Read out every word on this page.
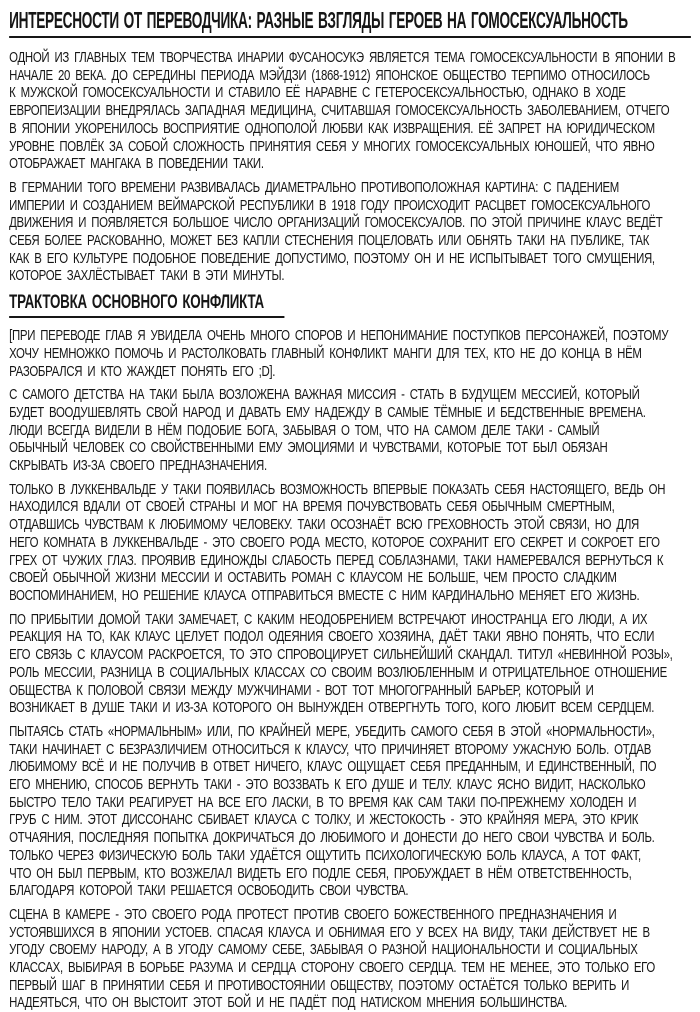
ИНТЕРЕСНОСТИ ОТ ПЕРЕВОДЧИКА: РАЗНЫЕ ВЗГЛЯДЫ ГЕРОЕВ НА ГОМОСЕКСУАЛЬНОСТЬ
ОДНОЙ ИЗ ГЛАВНЫХ ТЕМ ТВОРЧЕСТВА ИНАРИИ ФУСАНОСУКЭ ЯВЛЯЕТСЯ ТЕМА ГОМОСЕКСУАЛЬНОСТИ В ЯПОНИИ В
НАЧАЛЕ 20 ВЕКА. ДО СЕРЕДИНЫ ПЕРИОДА МЭЙДЗИ (1868-1912) ЯПОНСКОЕ ОБЩЕСТВО ТЕРПИМО ОТНОСИЛОСЬ
К МУЖСКОЙ ГОМОСЕКСУАЛЬНОСТИ И СТАВИЛО ЕЁ НАРАВНЕ С ГЕТЕРОСЕКСУАЛЬНОСТЬЮ, ОДНАКО В ХОДЕ
ЕВРОПЕИЗАЦИИ ВНЕДРЯЛАСЬ ЗАПАДНАЯ МЕДИЦИНА, СЧИТАВШАЯ ГОМОСЕКСУАЛЬНОСТЬ ЗАБОЛЕВАНИЕМ, ОТЧЕГО
В ЯПОНИИ УКОРЕНИЛОСЬ ВОСПРИЯТИЕ ОДНОПОЛОЙ ЛЮБВИ КАК ИЗВРАЩЕНИЯ. ЕЁ ЗАПРЕТ НА ЮРИДИЧЕСКОМ
УРОВНЕ ПОВЛЁК ЗА СОБОЙ СЛОЖНОСТЬ ПРИНЯТИЯ СЕБЯ У МНОГИХ ГОМОСЕКСУАЛЬНЫХ ЮНОШЕЙ, ЧТО ЯВНО
ОТОБРАЖАЕТ МАНГАКА В ПОВЕДЕНИИ ТАКИ.
В ГЕРМАНИИ ТОГО ВРЕМЕНИ РАЗВИВАЛАСЬ ДИАМЕТРАЛЬНО ПРОТИВОПОЛОЖНАЯ КАРТИНА: С ПАДЕНИЕМ
ИМПЕРИИ И СОЗДАНИЕМ ВЕЙМАРСКОЙ РЕСПУБЛИКИ В 1918 ГОДУ ПРОИСХОДИТ РАСЦВЕТ ГОМОСЕКСУАЛЬНОГО
ДВИЖЕНИЯ И ПОЯВЛЯЕТСЯ БОЛЬШОЕ ЧИСЛО ОРГАНИЗАЦИЙ ГОМОСЕКСУАЛОВ. ПО ЭТОЙ ПРИЧИНЕ КЛАУС ВЕДЁТ
СЕБЯ БОЛЕЕ РАСКОВАННО, МОЖЕТ БЕЗ КАПЛИ СТЕСНЕНИЯ ПОЦЕЛОВАТЬ ИЛИ ОБНЯТЬ ТАКИ НА ПУБЛИКЕ, ТАК
КАК В ЕГО КУЛЬТУРЕ ПОДОБНОЕ ПОВЕДЕНИЕ ДОПУСТИМО, ПОЭТОМУ ОН И НЕ ИСПЫТЫВАЕТ ТОГО СМУЩЕНИЯ,
КОТОРОЕ ЗАХЛЁСТЫВАЕТ ТАКИ В ЭТИ МИНУТЫ.
ТРАКТОВКА ОСНОВНОГО КОНФЛИКТА
[ПРИ ПЕРЕВОДЕ ГЛАВ Я УВИДЕЛА ОЧЕНЬ МНОГО СПОРОВ И НЕПОНИМАНИЕ ПОСТУПКОВ ПЕРСОНАЖЕЙ, ПОЭТОМУ
ХОЧУ НЕМНОЖКО ПОМОЧЬ И РАСТОЛКОВАТЬ ГЛАВНЫЙ КОНФЛИКТ МАНГИ ДЛЯ ТЕХ, КТО НЕ ДО КОНЦА В НЁМ
РАЗОБРАЛСЯ И КТО ЖАЖДЕТ ПОНЯТЬ ЕГО ;D].
С САМОГО ДЕТСТВА НА ТАКИ БЫЛА ВОЗЛОЖЕНА ВАЖНАЯ МИССИЯ - СТАТЬ В БУДУЩЕМ МЕССИЕЙ, КОТОРЫЙ
БУДЕТ ВООДУШЕВЛЯТЬ СВОЙ НАРОД И ДАВАТЬ ЕМУ НАДЕЖДУ В САМЫЕ ТЁМНЫЕ И БЕДСТВЕННЫЕ ВРЕМЕНА.
ЛЮДИ ВСЕГДА ВИДЕЛИ В НЁМ ПОДОБИЕ БОГА, ЗАБЫВАЯ О ТОМ, ЧТО НА САМОМ ДЕЛЕ ТАКИ - САМЫЙ
ОБЫЧНЫЙ ЧЕЛОВЕК СО СВОЙСТВЕННЫМИ ЕМУ ЭМОЦИЯМИ И ЧУВСТВАМИ, КОТОРЫЕ ТОТ БЫЛ ОБЯЗАН
СКРЫВАТЬ ИЗ-ЗА СВОЕГО ПРЕДНАЗНАЧЕНИЯ.
ТОЛЬКО В ЛУККЕНВАЛЬДЕ У ТАКИ ПОЯВИЛАСЬ ВОЗМОЖНОСТЬ ВПЕРВЫЕ ПОКАЗАТЬ СЕБЯ НАСТОЯЩЕГО, ВЕДЬ ОН
НАХОДИЛСЯ ВДАЛИ ОТ СВОЕЙ СТРАНЫ И МОГ НА ВРЕМЯ ПОЧУВСТВОВАТЬ СЕБЯ ОБЫЧНЫМ СМЕРТНЫМ,
ОТДАВШИСЬ ЧУВСТВАМ К ЛЮБИМОМУ ЧЕЛОВЕКУ. ТАКИ ОСОЗНАЁТ ВСЮ ГРЕХОВНОСТЬ ЭТОЙ СВЯЗИ, НО ДЛЯ
НЕГО КОМНАТА В ЛУККЕНВАЛЬДЕ - ЭТО СВОЕГО РОДА МЕСТО, КОТОРОЕ СОХРАНИТ ЕГО СЕКРЕТ И СОКРОЕТ ЕГО
ГРЕХ ОТ ЧУЖИХ ГЛАЗ. ПРОЯВИВ ЕДИНОЖДЫ СЛАБОСТЬ ПЕРЕД СОБЛАЗНАМИ, ТАКИ НАМЕРЕВАЛСЯ ВЕРНУТЬСЯ К
СВОЕЙ ОБЫЧНОЙ ЖИЗНИ МЕССИИ И ОСТАВИТЬ РОМАН С КЛАУСОМ НЕ БОЛЬШЕ, ЧЕМ ПРОСТО СЛАДКИМ
ВОСПОМИНАНИЕМ, НО РЕШЕНИЕ КЛАУСА ОТПРАВИТЬСЯ ВМЕСТЕ С НИМ КАРДИНАЛЬНО МЕНЯЕТ ЕГО ЖИЗНЬ.
ПО ПРИБЫТИИ ДОМОЙ ТАКИ ЗАМЕЧАЕТ, С КАКИМ НЕОДОБРЕНИЕМ ВСТРЕЧАЮТ ИНОСТРАНЦА ЕГО ЛЮДИ, А ИХ
РЕАКЦИЯ НА ТО, КАК КЛАУС ЦЕЛУЕТ ПОДОЛ ОДЕЯНИЯ СВОЕГО ХОЗЯИНА, ДАЁТ ТАКИ ЯВНО ПОНЯТЬ, ЧТО ЕСЛИ
ЕГО СВЯЗЬ С КЛАУСОМ РАСКРОЕТСЯ, ТО ЭТО СПРОВОЦИРУЕТ СИЛЬНЕЙШИЙ СКАНДАЛ. ТИТУЛ «НЕВИННОЙ РОЗЫ»,
РОЛЬ МЕССИИ, РАЗНИЦА В СОЦИАЛЬНЫХ КЛАССАХ СО СВОИМ ВОЗЛЮБЛЕННЫМ И ОТРИЦАТЕЛЬНОЕ ОТНОШЕНИЕ
ОБЩЕСТВА К ПОЛОВОЙ СВЯЗИ МЕЖДУ МУЖЧИНАМИ - ВОТ ТОТ МНОГОГРАННЫЙ БАРЬЕР, КОТОРЫЙ И
ВОЗНИКАЕТ В ДУШЕ ТАКИ И ИЗ-ЗА КОТОРОГО ОН ВЫНУЖДЕН ОТВЕРГНУТЬ ТОГО, КОГО ЛЮБИТ ВСЕМ СЕРДЦЕМ.
ПЫТАЯСЬ СТАТЬ «НОРМАЛЬНЫМ» ИЛИ, ПО КРАЙНЕЙ МЕРЕ, УБЕДИТЬ САМОГО СЕБЯ В ЭТОЙ «НОРМАЛЬНОСТИ»,
ТАКИ НАЧИНАЕТ С БЕЗРАЗЛИЧИЕМ ОТНОСИТЬСЯ К КЛАУСУ, ЧТО ПРИЧИНЯЕТ ВТОРОМУ УЖАСНУЮ БОЛЬ. ОТДАВ
ЛЮБИМОМУ ВСЁ И НЕ ПОЛУЧИВ В ОТВЕТ НИЧЕГО, КЛАУС ОЩУЩАЕТ СЕБЯ ПРЕДАННЫМ, И ЕДИНСТВЕННЫЙ, ПО
ЕГО МНЕНИЮ, СПОСОБ ВЕРНУТЬ ТАКИ - ЭТО ВОЗЗВАТЬ К ЕГО ДУШЕ И ТЕЛУ. КЛАУС ЯСНО ВИДИТ, НАСКОЛЬКО
БЫСТРО ТЕЛО ТАКИ РЕАГИРУЕТ НА ВСЕ ЕГО ЛАСКИ, В ТО ВРЕМЯ КАК САМ ТАКИ ПО-ПРЕЖНЕМУ ХОЛОДЕН И
ГРУБ С НИМ. ЭТОТ ДИССОНАНС СБИВАЕТ КЛАУСА С ТОЛКУ, И ЖЕСТОКОСТЬ - ЭТО КРАЙНЯЯ МЕРА, ЭТО КРИК
ОТЧАЯНИЯ, ПОСЛЕДНЯЯ ПОПЫТКА ДОКРИЧАТЬСЯ ДО ЛЮБИМОГО И ДОНЕСТИ ДО НЕГО СВОИ ЧУВСТВА И БОЛЬ.
ТОЛЬКО ЧЕРЕЗ ФИЗИЧЕСКУЮ БОЛЬ ТАКИ УДАЁТСЯ ОЩУТИТЬ ПСИХОЛОГИЧЕСКУЮ БОЛЬ КЛАУСА, А ТОТ ФАКТ,
ЧТО ОН БЫЛ ПЕРВЫМ, КТО ВОЗЖЕЛАЛ ВИДЕТЬ ЕГО ПОДЛЕ СЕБЯ, ПРОБУЖДАЕТ В НЁМ ОТВЕТСТВЕННОСТЬ,
БЛАГОДАРЯ КОТОРОЙ ТАКИ РЕШАЕТСЯ ОСВОБОДИТЬ СВОИ ЧУВСТВА.
СЦЕНА В КАМЕРЕ - ЭТО СВОЕГО РОДА ПРОТЕСТ ПРОТИВ СВОЕГО БОЖЕСТВЕННОГО ПРЕДНАЗНАЧЕНИЯ И
УСТОЯВШИХСЯ В ЯПОНИИ УСТОЕВ. СПАСАЯ КЛАУСА И ОБНИМАЯ ЕГО У ВСЕХ НА ВИДУ, ТАКИ ДЕЙСТВУЕТ НЕ В
УГОДУ СВОЕМУ НАРОДУ, А В УГОДУ САМОМУ СЕБЕ, ЗАБЫВАЯ О РАЗНОЙ НАЦИОНАЛЬНОСТИ И СОЦИАЛЬНЫХ
КЛАССАХ, ВЫБИРАЯ В БОРЬБЕ РАЗУМА И СЕРДЦА СТОРОНУ СВОЕГО СЕРДЦА. ТЕМ НЕ МЕНЕЕ, ЭТО ТОЛЬКО ЕГО
ПЕРВЫЙ ШАГ В ПРИНЯТИИ СЕБЯ И ПРОТИВОСТОЯНИИ ОБЩЕСТВУ, ПОЭТОМУ ОСТАЁТСЯ ТОЛЬКО ВЕРИТЬ И
НАДЕЯТЬСЯ, ЧТО ОН ВЫСТОИТ ЭТОТ БОЙ И НЕ ПАДЁТ ПОД НАТИСКОМ МНЕНИЯ БОЛЬШИНСТВА.
